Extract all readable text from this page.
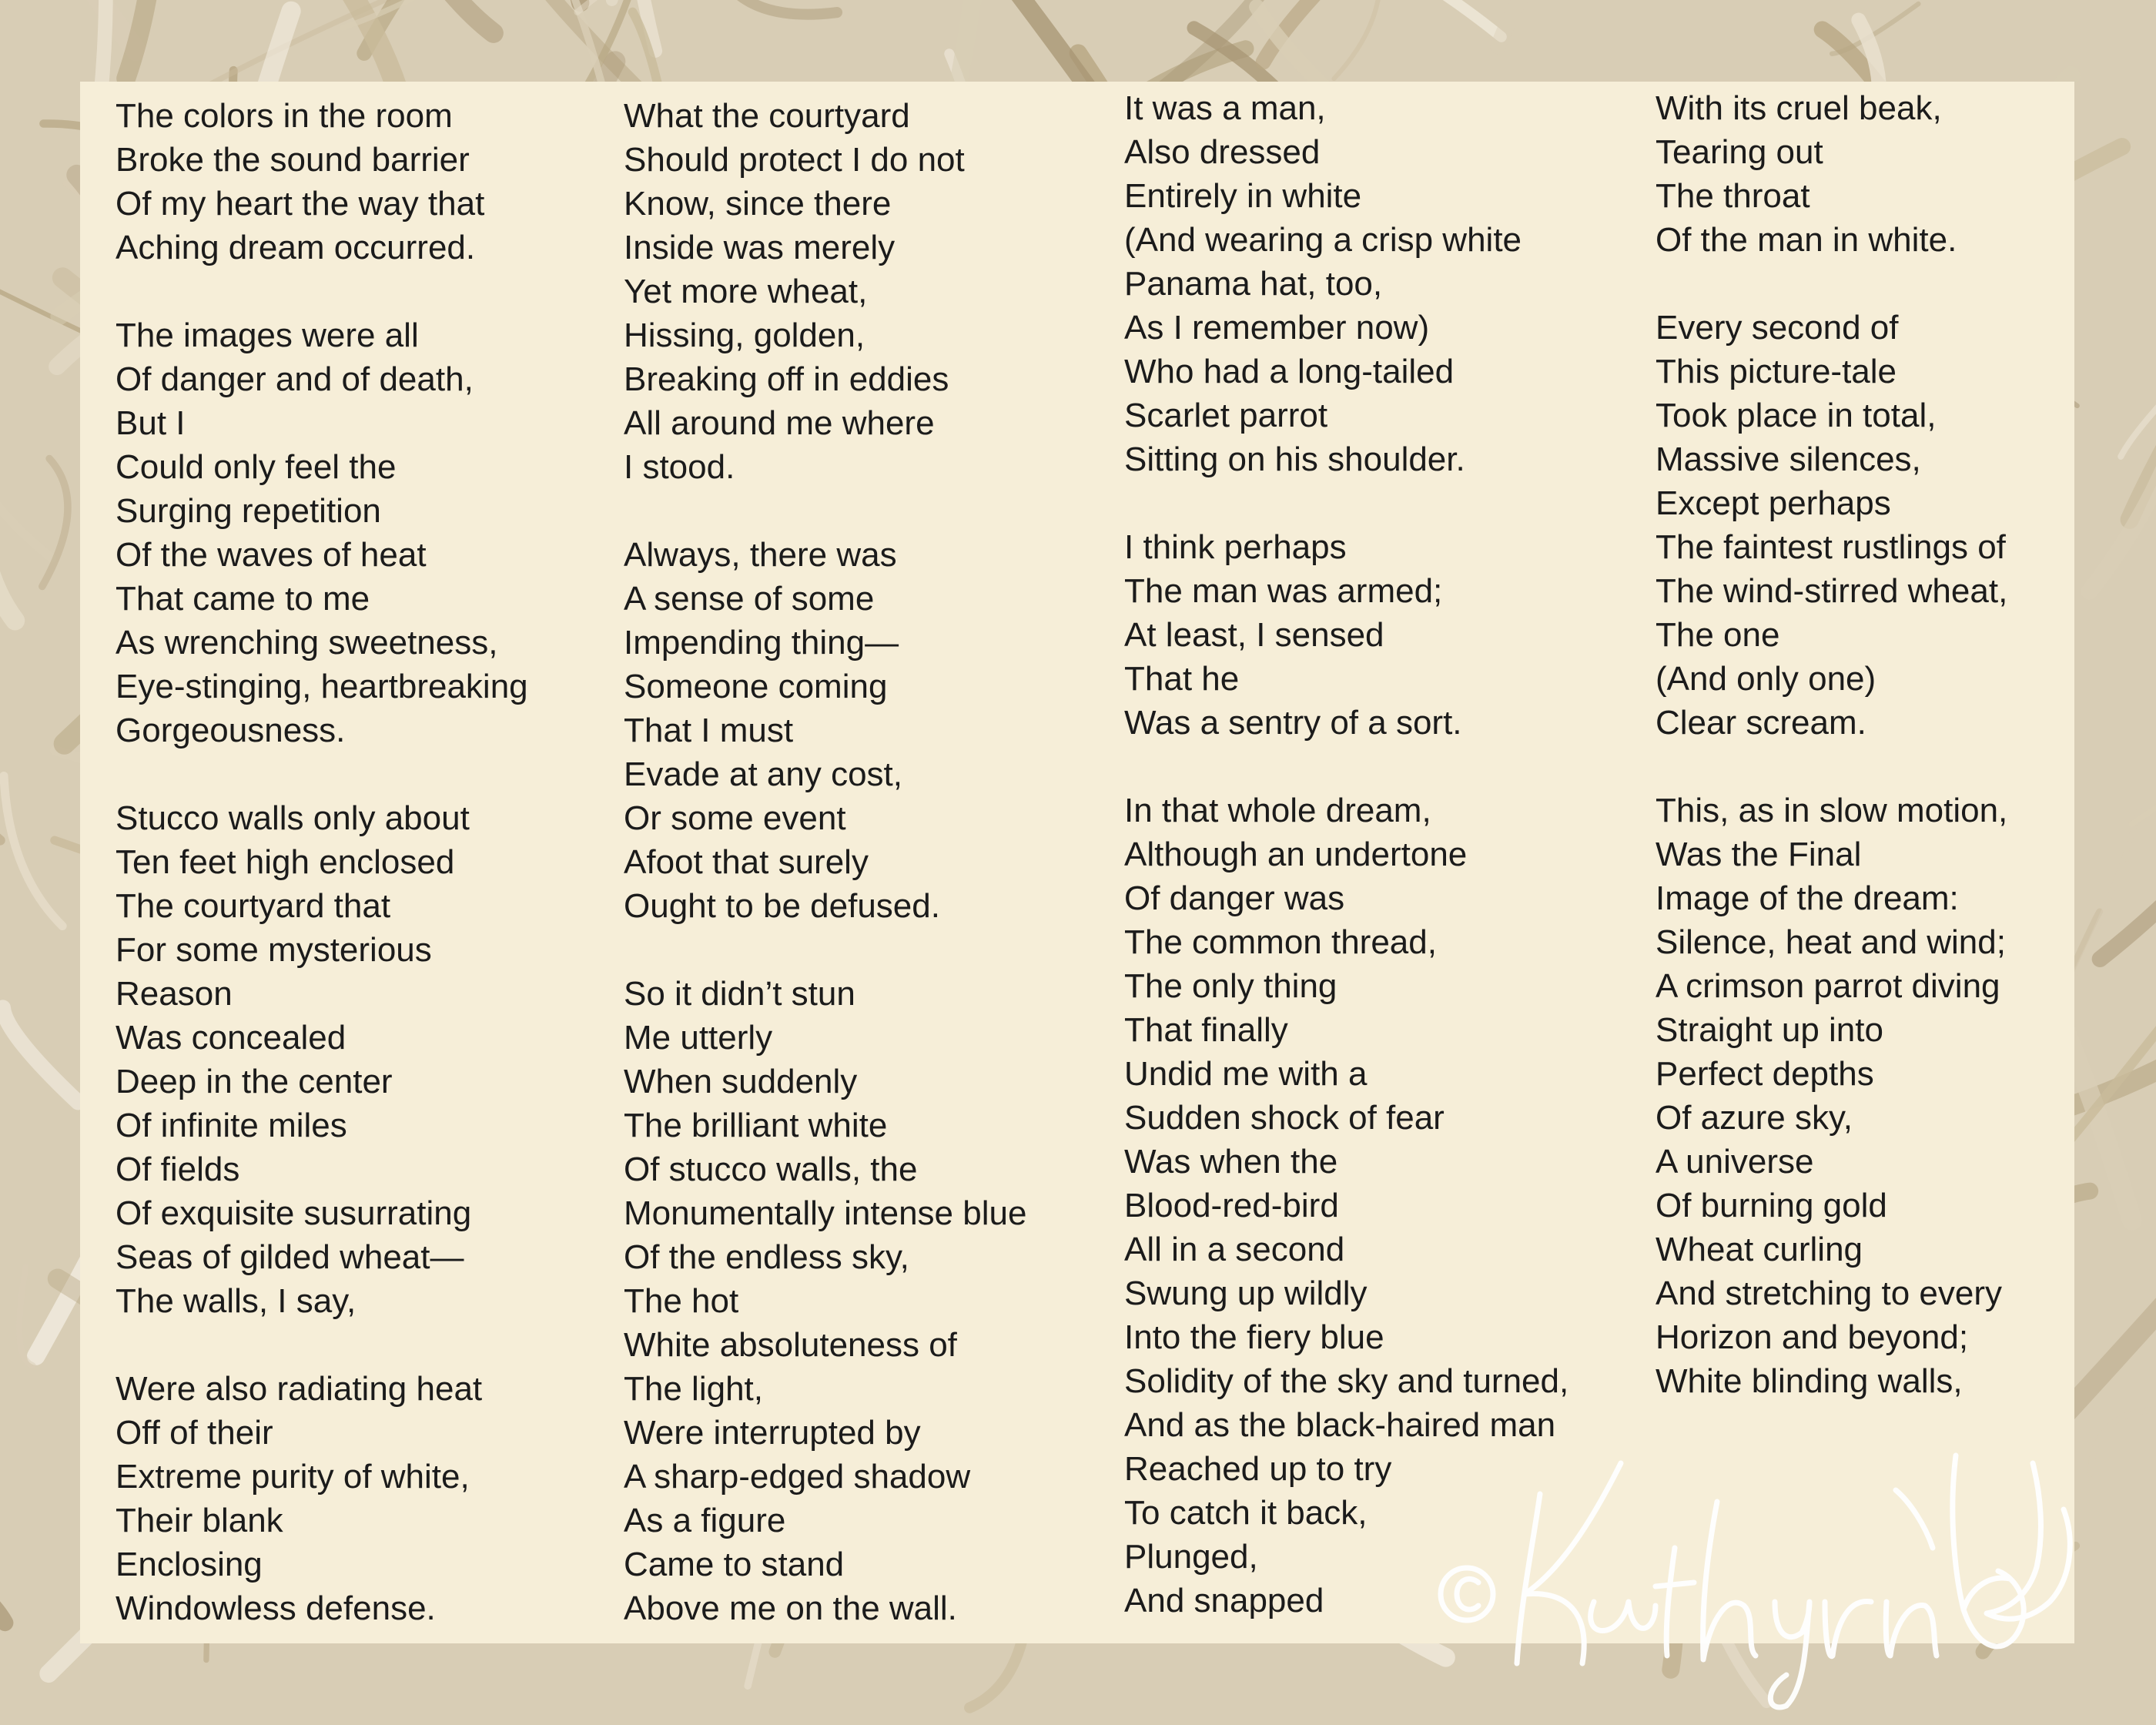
The colors in the room
Broke the sound barrier
Of my heart the way that
Aching dream occurred.
The images were all
Of danger and of death,
But I
Could only feel the
Surging repetition
Of the waves of heat
That came to me
As wrenching sweetness,
Eye-stinging, heartbreaking
Gorgeousness.
Stucco walls only about
Ten feet high enclosed
The courtyard that
For some mysterious
Reason
Was concealed
Deep in the center
Of infinite miles
Of fields
Of exquisite susurrating
Seas of gilded wheat—
The walls, I say,
Were also radiating heat
Off of their
Extreme purity of white,
Their blank
Enclosing
Windowless defense.
What the courtyard
Should protect I do not
Know, since there
Inside was merely
Yet more wheat,
Hissing, golden,
Breaking off in eddies
All around me where
I stood.
Always, there was
A sense of some
Impending thing—
Someone coming
That I must
Evade at any cost,
Or some event
Afoot that surely
Ought to be defused.
So it didn’t stun
Me utterly
When suddenly
The brilliant white
Of stucco walls, the
Monumentally intense blue
Of the endless sky,
The hot
White absoluteness of
The light,
Were interrupted by
A sharp-edged shadow
As a figure
Came to stand
Above me on the wall.
It was a man,
Also dressed
Entirely in white
(And wearing a crisp white
Panama hat, too,
As I remember now)
Who had a long-tailed
Scarlet parrot
Sitting on his shoulder.
I think perhaps
The man was armed;
At least, I sensed
That he
Was a sentry of a sort.
In that whole dream,
Although an undertone
Of danger was
The common thread,
The only thing
That finally
Undid me with a
Sudden shock of fear
Was when the
Blood-red-bird
All in a second
Swung up wildly
Into the fiery blue
Solidity of the sky and turned,
And as the black-haired man
Reached up to try
To catch it back,
Plunged,
And snapped
With its cruel beak,
Tearing out
The throat
Of the man in white.
Every second of
This picture-tale
Took place in total,
Massive silences,
Except perhaps
The faintest rustlings of
The wind-stirred wheat,
The one
(And only one)
Clear scream.
This, as in slow motion,
Was the Final
Image of the dream:
Silence, heat and wind;
A crimson parrot diving
Straight up into
Perfect depths
Of azure sky,
A universe
Of burning gold
Wheat curling
And stretching to every
Horizon and beyond;
White blinding walls,
